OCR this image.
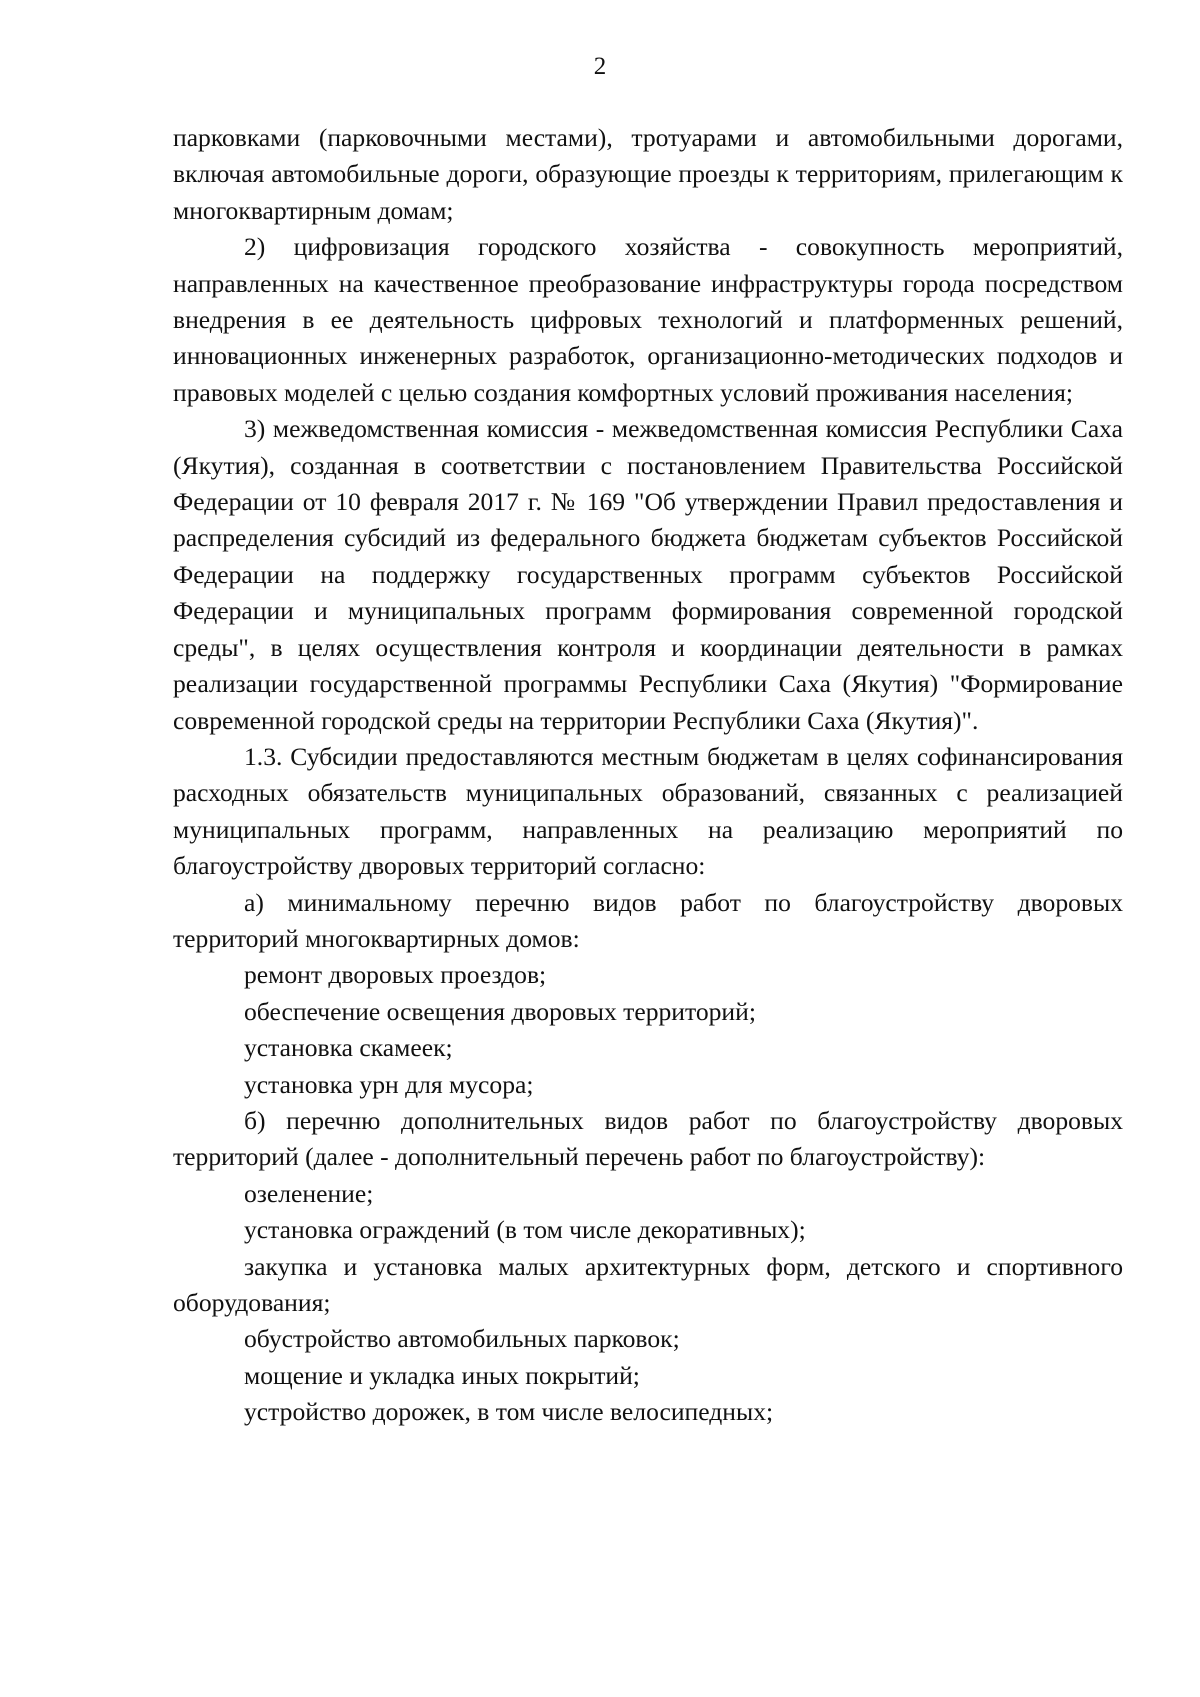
2

парковками (парковочными местами), тротуарами и автомобильными дорогами, включая автомобильные дороги, образующие проезды к территориям, прилегающим к многоквартирным домам;

2) цифровизация городского хозяйства - совокупность мероприятий, направленных на качественное преобразование инфраструктуры города посредством внедрения в ее деятельность цифровых технологий и платформенных решений, инновационных инженерных разработок, организационно-методических подходов и правовых моделей с целью создания комфортных условий проживания населения;

3) межведомственная комиссия - межведомственная комиссия Республики Саха (Якутия), созданная в соответствии с постановлением Правительства Российской Федерации от 10 февраля 2017 г. № 169 "Об утверждении Правил предоставления и распределения субсидий из федерального бюджета бюджетам субъектов Российской Федерации на поддержку государственных программ субъектов Российской Федерации и муниципальных программ формирования современной городской среды", в целях осуществления контроля и координации деятельности в рамках реализации государственной программы Республики Саха (Якутия) "Формирование современной городской среды на территории Республики Саха (Якутия)".

1.3. Субсидии предоставляются местным бюджетам в целях софинансирования расходных обязательств муниципальных образований, связанных с реализацией муниципальных программ, направленных на реализацию мероприятий по благоустройству дворовых территорий согласно:

а) минимальному перечню видов работ по благоустройству дворовых территорий многоквартирных домов:

ремонт дворовых проездов;

обеспечение освещения дворовых территорий;

установка скамеек;

установка урн для мусора;

б) перечню дополнительных видов работ по благоустройству дворовых территорий (далее - дополнительный перечень работ по благоустройству):

озеленение;

установка ограждений (в том числе декоративных);

закупка и установка малых архитектурных форм, детского и спортивного оборудования;

обустройство автомобильных парковок;

мощение и укладка иных покрытий;

устройство дорожек, в том числе велосипедных;
